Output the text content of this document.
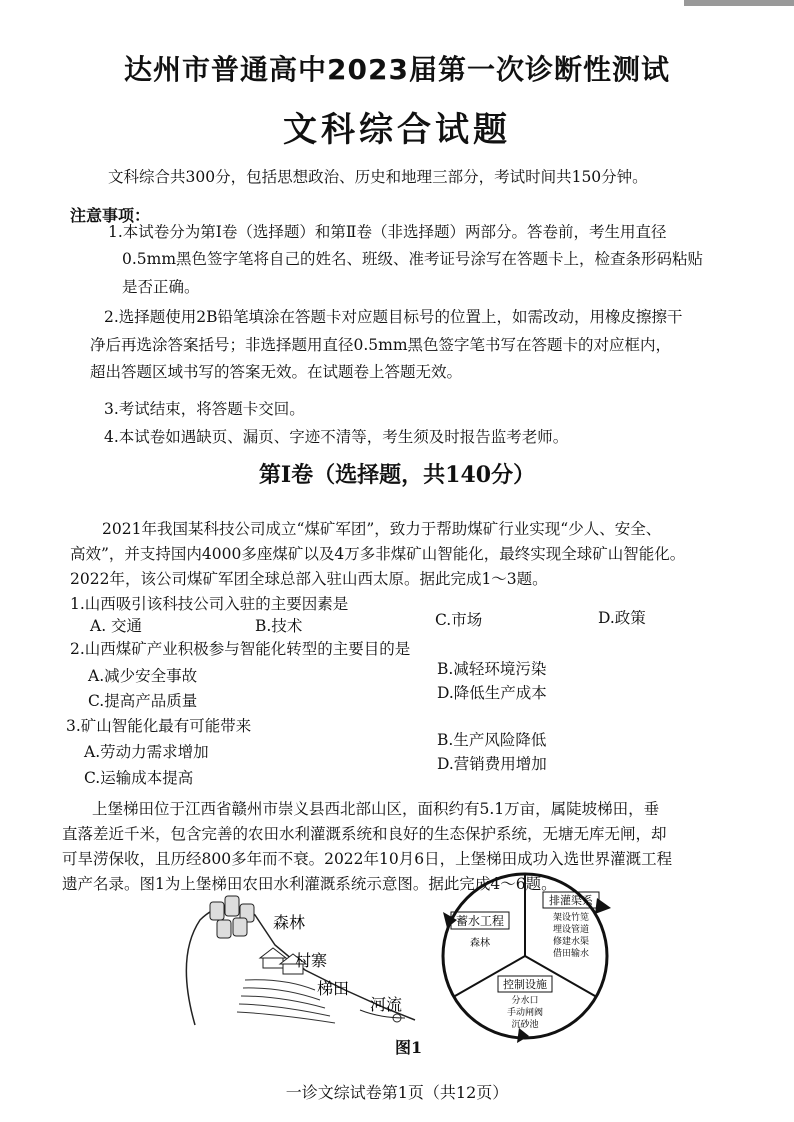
达州市普通高中2023届第一次诊断性测试
文科综合试题
文科综合共300分，包括思想政治、历史和地理三部分，考试时间共150分钟。
注意事项：
1.本试卷分为第Ⅰ卷（选择题）和第Ⅱ卷（非选择题）两部分。答卷前，考生用直径
0.5mm黑色签字笔将自己的姓名、班级、准考证号涂写在答题卡上，检查条形码粘贴
是否正确。
2.选择题使用2B铅笔填涂在答题卡对应题目标号的位置上，如需改动，用橡皮擦擦干
净后再选涂答案括号；非选择题用直径0.5mm黑色签字笔书写在答题卡的对应框内，
超出答题区域书写的答案无效。在试题卷上答题无效。
3.考试结束，将答题卡交回。
4.本试卷如遇缺页、漏页、字迹不清等，考生须及时报告监考老师。
第Ⅰ卷（选择题，共140分）
2021年我国某科技公司成立“煤矿军团”，致力于帮助煤矿行业实现“少人、安全、
高效”，并支持国内4000多座煤矿以及4万多非煤矿山智能化，最终实现全球矿山智能化。
2022年，该公司煤矿军团全球总部入驻山西太原。据此完成1～3题。
1.山西吸引该科技公司入驻的主要因素是
A. 交通	B.技术	C.市场	D.政策
2.山西煤矿产业积极参与智能化转型的主要目的是
A.减少安全事故	B.减轻环境污染
C.提高产品质量	D.降低生产成本
3.矿山智能化最有可能带来
A.劳动力需求增加
B.生产风险降低
C.运输成本提高
D.营销费用增加
上堡梯田位于江西省赣州市崇义县西北部山区，面积约有5.1万亩，属陡坡梯田，垂
直落差近千米，包含完善的农田水利灌溉系统和良好的生态保护系统，无塘无库无闸，却
可旱涝保收，且历经800多年而不衰。2022年10月6日，上堡梯田成功入选世界灌溉工程
遗产名录。图1为上堡梯田农田水利灌溉系统示意图。据此完成4～6题。
森林
村寨
梯田
河流
排灌渠系
架设竹笕
埋设管道
修建水渠
借田输水
蓄水工程
森林
控制设施
分水口
手动闸阀
沉砂池
图1
一诊文综试卷第1页（共12页）
